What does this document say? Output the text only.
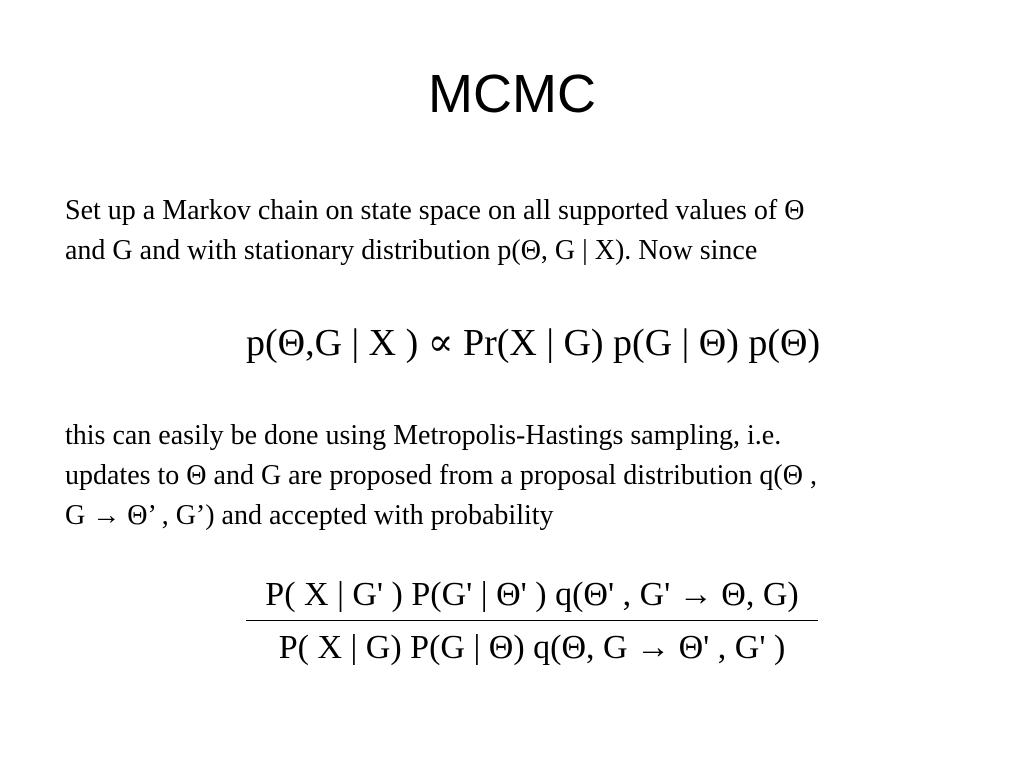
MCMC

Set up a Markov chain on state space on all supported values of Θ
and G and with stationary distribution p(Θ, G | X). Now since

p(Θ,G | X ) ∝ Pr(X | G) p(G | Θ) p(Θ)

this can easily be done using Metropolis-Hastings sampling, i.e.
updates to Θ and G are proposed from a proposal distribution q(Θ ,
G → Θ’ , G’) and accepted with probability

P( X | G' ) P(G' | Θ' ) q(Θ' , G' → Θ, G)
P( X | G) P(G | Θ) q(Θ, G → Θ' , G' )
